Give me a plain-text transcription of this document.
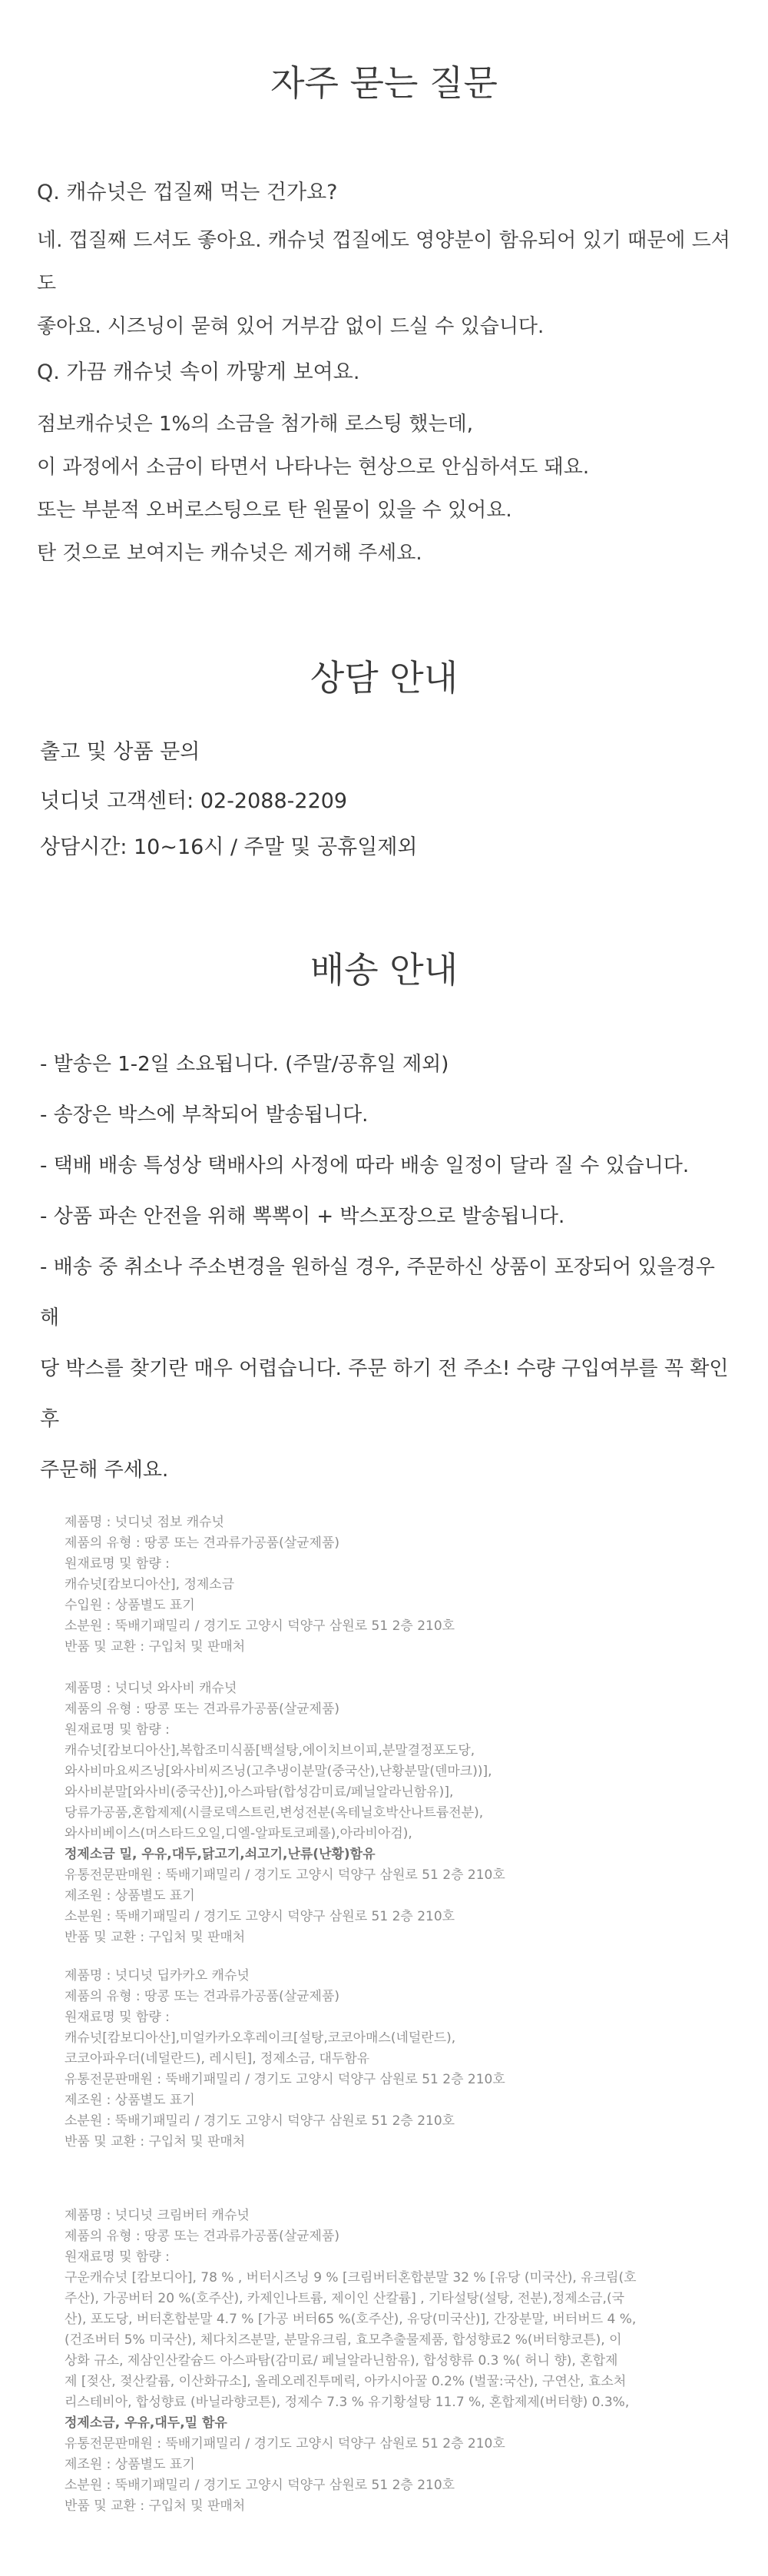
자주 묻는 질문

Q. 캐슈넛은 껍질째 먹는 건가요?

네. 껍질째 드셔도 좋아요. 캐슈넛 껍질에도 영양분이 함유되어 있기 때문에 드셔도

좋아요. 시즈닝이 묻혀 있어 거부감 없이 드실 수 있습니다.

Q. 가끔 캐슈넛 속이 까맣게 보여요.

점보캐슈넛은 1%의 소금을 첨가해 로스팅 했는데,

이 과정에서 소금이 타면서 나타나는 현상으로 안심하셔도 돼요.

또는 부분적 오버로스팅으로 탄 원물이 있을 수 있어요.

탄 것으로 보여지는 캐슈넛은 제거해 주세요.

상담 안내

출고 및 상품 문의

넛디넛 고객센터: 02-2088-2209

상담시간: 10~16시 / 주말 및 공휴일제외

배송 안내
- 발송은 1-2일 소요됩니다. (주말/공휴일 제외)
- 송장은 박스에 부착되어 발송됩니다.
- 택배 배송 특성상 택배사의 사정에 따라 배송 일정이 달라 질 수 있습니다.
- 상품 파손 안전을 위해 뽁뽁이 + 박스포장으로 발송됩니다.
- 배송 중 취소나 주소변경을 원하실 경우, 주문하신 상품이 포장되어 있을경우 해
당 박스를 찾기란 매우 어렵습니다. 주문 하기 전 주소! 수량 구입여부를 꼭 확인 후
주문해 주세요.
제품명 : 넛디넛 점보 캐슈넛
제품의 유형 : 땅콩 또는 견과류가공품(살균제품)
원재료명 및 함량 :
캐슈넛[캄보디아산], 정제소금
수입원 : 상품별도 표기
소분원 : 뚝배기패밀리 / 경기도 고양시 덕양구 삼원로 51 2층 210호
반품 및 교환 : 구입처 및 판매처
제품명 : 넛디넛 와사비 캐슈넛
제품의 유형 : 땅콩 또는 견과류가공품(살균제품)
원재료명 및 함량 :
캐슈넛[캄보디아산],복합조미식품[백설탕,에이치브이피,분말결정포도당,
와사비마요씨즈닝[와사비씨즈닝(고추냉이분말(중국산),난황분말(덴마크))],
와사비분말[와사비(중국산)],아스파탐(합성감미료/페닐알라닌함유)],
당류가공품,혼합제제(시클로덱스트린,변성전분(옥테닐호박산나트륨전분),
와사비베이스(머스타드오일,디엘-알파토코페롤),아라비아검),
정제소금 밀, 우유,대두,닭고기,쇠고기,난류(난황)함유
유통전문판매원 : 뚝배기패밀리 / 경기도 고양시 덕양구 삼원로 51 2층 210호
제조원 : 상품별도 표기
소분원 : 뚝배기패밀리 / 경기도 고양시 덕양구 삼원로 51 2층 210호
반품 및 교환 : 구입처 및 판매처
제품명 : 넛디넛 딥카카오 캐슈넛
제품의 유형 : 땅콩 또는 견과류가공품(살균제품)
원재료명 및 함량 :
캐슈넛[캄보디아산],미얼카카오후레이크[설탕,코코아매스(네덜란드),
코코아파우더(네덜란드), 레시틴], 정제소금, 대두함유
유통전문판매원 : 뚝배기패밀리 / 경기도 고양시 덕양구 삼원로 51 2층 210호
제조원 : 상품별도 표기
소분원 : 뚝배기패밀리 / 경기도 고양시 덕양구 삼원로 51 2층 210호
반품 및 교환 : 구입처 및 판매처
제품명 : 넛디넛 크림버터 캐슈넛
제품의 유형 : 땅콩 또는 견과류가공품(살균제품)
원재료명 및 함량 :
구운캐슈넛 [캄보디아], 78 % , 버터시즈닝 9 % [크림버터혼합분말 32 % [유당 (미국산), 유크림(호
주산), 가공버터 20 %(호주산), 카제인나트륨, 제이인 산칼륨] , 기타설탕(설탕, 전분),정제소금,(국
산), 포도당, 버터혼합분말 4.7 % [가공 버터65 %(호주산), 유당(미국산)], 간장분말, 버터버드 4 %,
(건조버터 5% 미국산), 체다치즈분말, 분말유크림, 효모추출물제품, 합성향료2 %(버터향코튼), 이
상화 규소, 제삼인산칼슘드 아스파탐(감미료/ 페닐알라닌함유), 합성향류 0.3 %( 허니 향), 혼합제
제 [젖산, 젖산칼륨, 이산화규소], 올레오레진투메릭, 아카시아꿀 0.2% (벌꿀:국산), 구연산, 효소처
리스테비아, 합성향료 (바닐라향코튼), 정제수 7.3 % 유기황설탕 11.7 %, 혼합제제(버터향) 0.3%,
정제소금, 우유,대두,밀 함유
유통전문판매원 : 뚝배기패밀리 / 경기도 고양시 덕양구 삼원로 51 2층 210호
제조원 : 상품별도 표기
소분원 : 뚝배기패밀리 / 경기도 고양시 덕양구 삼원로 51 2층 210호
반품 및 교환 : 구입처 및 판매처
